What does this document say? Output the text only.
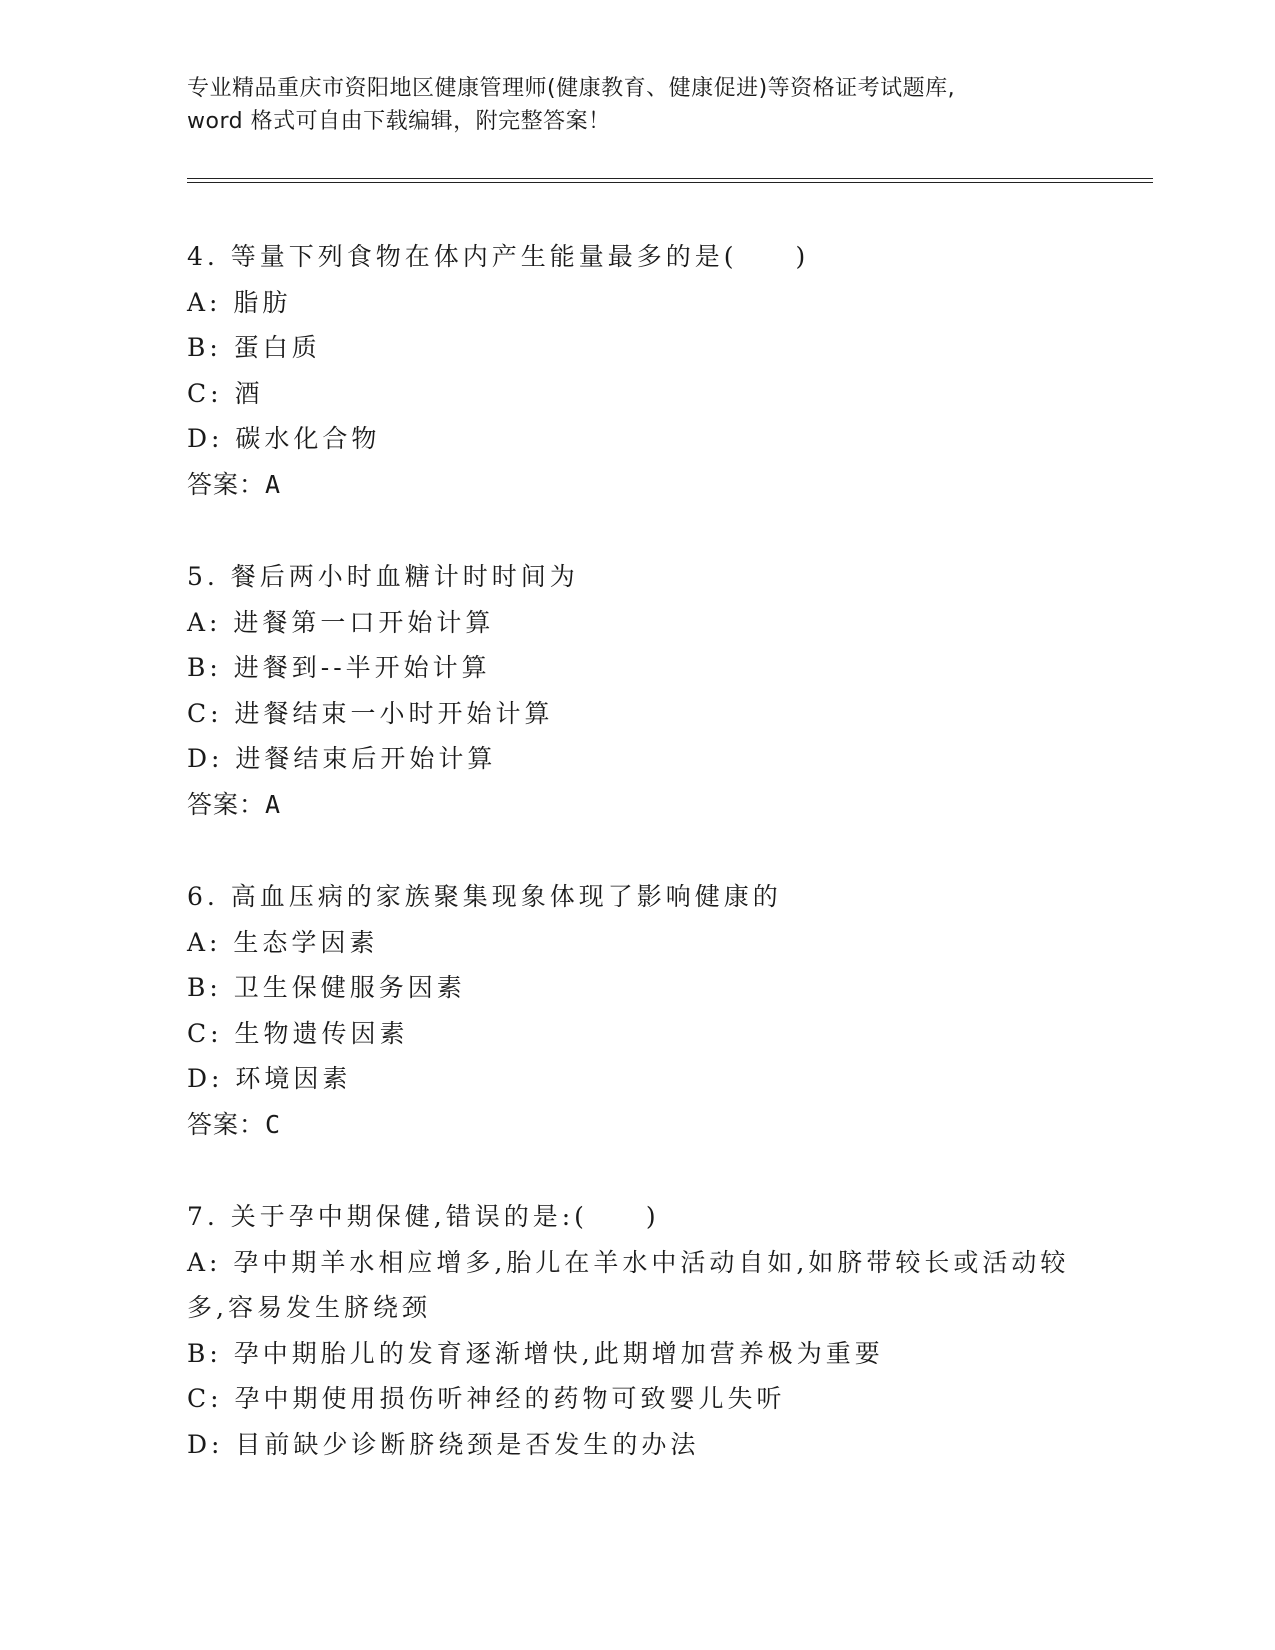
专业精品重庆市资阳地区健康管理师(健康教育、健康促进)等资格证考试题库,
word 格式可自由下载编辑，附完整答案！
4. 等量下列食物在体内产生能量最多的是(　　)
A: 脂肪
B: 蛋白质
C: 酒
D: 碳水化合物
答案：A
5. 餐后两小时血糖计时时间为
A: 进餐第一口开始计算
B: 进餐到--半开始计算
C: 进餐结束一小时开始计算
D: 进餐结束后开始计算
答案：A
6. 高血压病的家族聚集现象体现了影响健康的
A: 生态学因素
B: 卫生保健服务因素
C: 生物遗传因素
D: 环境因素
答案：C
7. 关于孕中期保健,错误的是:(　　)
A: 孕中期羊水相应增多,胎儿在羊水中活动自如,如脐带较长或活动较多,容易发生脐绕颈
B: 孕中期胎儿的发育逐渐增快,此期增加营养极为重要
C: 孕中期使用损伤听神经的药物可致婴儿失听
D: 目前缺少诊断脐绕颈是否发生的办法
